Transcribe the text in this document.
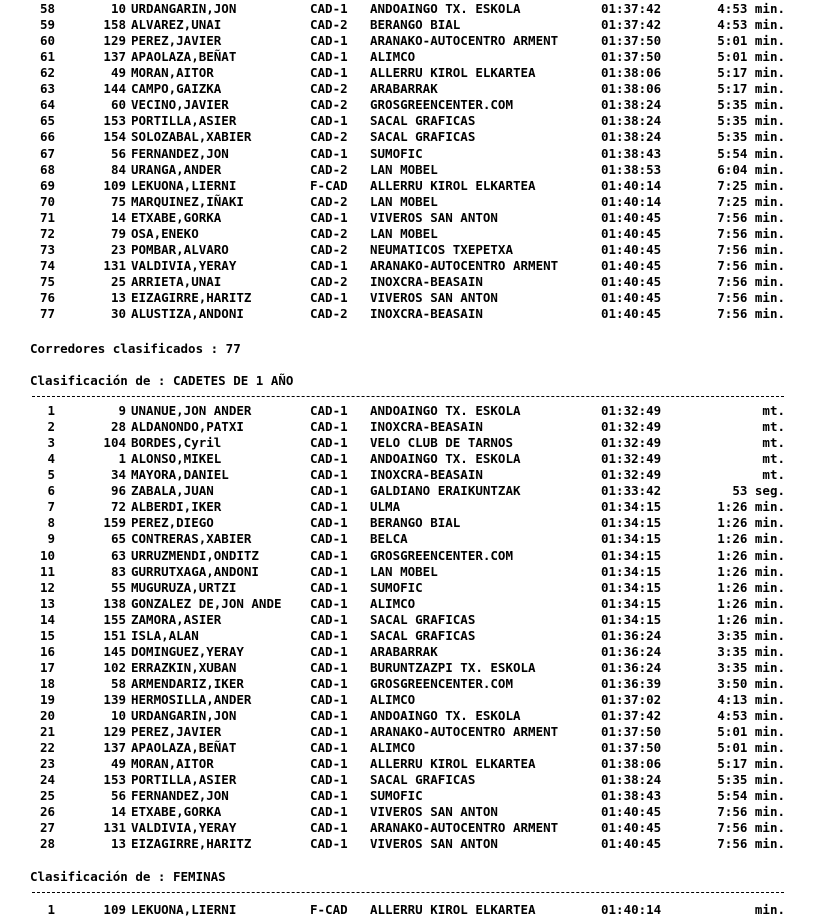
58	10 URDANGARIN,JON	CAD-1 ANDOAINGO TX. ESKOLA	01:37:42	4:53 min.
59	158 ALVAREZ,UNAI	CAD-2 BERANGO BIAL	01:37:42	4:53 min.
60	129 PEREZ,JAVIER	CAD-1 ARANAKO-AUTOCENTRO ARMENT	01:37:50	5:01 min.
61	137 APAOLAZA,BEÑAT	CAD-1 ALIMCO	01:37:50	5:01 min.
62	49 MORAN,AITOR	CAD-1 ALLERRU KIROL ELKARTEA	01:38:06	5:17 min.
63	144 CAMPO,GAIZKA	CAD-2 ARABARRAK	01:38:06	5:17 min.
64	60 VECINO,JAVIER	CAD-2 GROSGREENCENTER.COM	01:38:24	5:35 min.
65	153 PORTILLA,ASIER	CAD-1 SACAL GRAFICAS	01:38:24	5:35 min.
66	154 SOLOZABAL,XABIER	CAD-2 SACAL GRAFICAS	01:38:24	5:35 min.
67	56 FERNANDEZ,JON	CAD-1 SUMOFIC	01:38:43	5:54 min.
68	84 URANGA,ANDER	CAD-2 LAN MOBEL	01:38:53	6:04 min.
69	109 LEKUONA,LIERNI	F-CAD ALLERRU KIROL ELKARTEA	01:40:14	7:25 min.
70	75 MARQUINEZ,IÑAKI	CAD-2 LAN MOBEL	01:40:14	7:25 min.
71	14 ETXABE,GORKA	CAD-1 VIVEROS SAN ANTON	01:40:45	7:56 min.
72	79 OSA,ENEKO	CAD-2 LAN MOBEL	01:40:45	7:56 min.
73	23 POMBAR,ALVARO	CAD-2 NEUMATICOS TXEPETXA	01:40:45	7:56 min.
74	131 VALDIVIA,YERAY	CAD-1 ARANAKO-AUTOCENTRO ARMENT	01:40:45	7:56 min.
75	25 ARRIETA,UNAI	CAD-2 INOXCRA-BEASAIN	01:40:45	7:56 min.
76	13 EIZAGIRRE,HARITZ	CAD-1 VIVEROS SAN ANTON	01:40:45	7:56 min.
77	30 ALUSTIZA,ANDONI	CAD-2 INOXCRA-BEASAIN	01:40:45	7:56 min.
Corredores clasificados : 77
Clasificación de : CADETES DE 1 AÑO
1	9 UNANUE,JON ANDER	CAD-1 ANDOAINGO TX. ESKOLA	01:32:49	mt.
2	28 ALDANONDO,PATXI	CAD-1 INOXCRA-BEASAIN	01:32:49	mt.
3	104 BORDES,Cyril	CAD-1 VELO CLUB DE TARNOS	01:32:49	mt.
4	1 ALONSO,MIKEL	CAD-1 ANDOAINGO TX. ESKOLA	01:32:49	mt.
5	34 MAYORA,DANIEL	CAD-1 INOXCRA-BEASAIN	01:32:49	mt.
6	96 ZABALA,JUAN	CAD-1 GALDIANO ERAIKUNTZAK	01:33:42	53 seg.
7	72 ALBERDI,IKER	CAD-1 ULMA	01:34:15	1:26 min.
8	159 PEREZ,DIEGO	CAD-1 BERANGO BIAL	01:34:15	1:26 min.
9	65 CONTRERAS,XABIER	CAD-1 BELCA	01:34:15	1:26 min.
10	63 URRUZMENDI,ONDITZ	CAD-1 GROSGREENCENTER.COM	01:34:15	1:26 min.
11	83 GURRUTXAGA,ANDONI	CAD-1 LAN MOBEL	01:34:15	1:26 min.
12	55 MUGURUZA,URTZI	CAD-1 SUMOFIC	01:34:15	1:26 min.
13	138 GONZALEZ DE,JON ANDE CAD-1 ALIMCO	01:34:15	1:26 min.
14	155 ZAMORA,ASIER	CAD-1 SACAL GRAFICAS	01:34:15	1:26 min.
15	151 ISLA,ALAN	CAD-1 SACAL GRAFICAS	01:36:24	3:35 min.
16	145 DOMINGUEZ,YERAY	CAD-1 ARABARRAK	01:36:24	3:35 min.
17	102 ERRAZKIN,XUBAN	CAD-1 BURUNTZAZPI TX. ESKOLA	01:36:24	3:35 min.
18	58 ARMENDARIZ,IKER	CAD-1 GROSGREENCENTER.COM	01:36:39	3:50 min.
19	139 HERMOSILLA,ANDER	CAD-1 ALIMCO	01:37:02	4:13 min.
20	10 URDANGARIN,JON	CAD-1 ANDOAINGO TX. ESKOLA	01:37:42	4:53 min.
21	129 PEREZ,JAVIER	CAD-1 ARANAKO-AUTOCENTRO ARMENT	01:37:50	5:01 min.
22	137 APAOLAZA,BEÑAT	CAD-1 ALIMCO	01:37:50	5:01 min.
23	49 MORAN,AITOR	CAD-1 ALLERRU KIROL ELKARTEA	01:38:06	5:17 min.
24	153 PORTILLA,ASIER	CAD-1 SACAL GRAFICAS	01:38:24	5:35 min.
25	56 FERNANDEZ,JON	CAD-1 SUMOFIC	01:38:43	5:54 min.
26	14 ETXABE,GORKA	CAD-1 VIVEROS SAN ANTON	01:40:45	7:56 min.
27	131 VALDIVIA,YERAY	CAD-1 ARANAKO-AUTOCENTRO ARMENT	01:40:45	7:56 min.
28	13 EIZAGIRRE,HARITZ	CAD-1 VIVEROS SAN ANTON	01:40:45	7:56 min.
Clasificación de : FEMINAS
1	109 LEKUONA,LIERNI	F-CAD ALLERRU KIROL ELKARTEA	01:40:14	min.
